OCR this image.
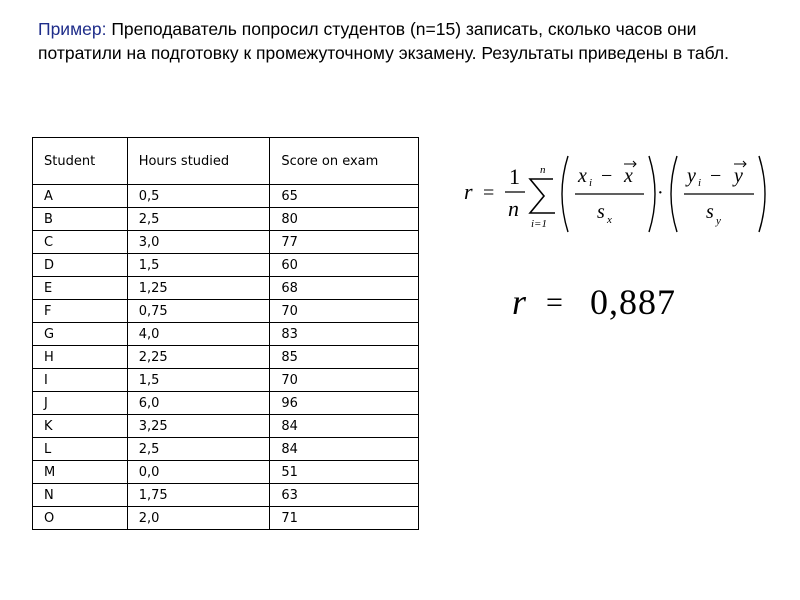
Пример: Преподаватель попросил студентов (n=15) записать, сколько часов они потратили на подготовку к промежуточному экзамену. Результаты приведены в табл.
Student	Hours studied	Score on exam
A	0,5	65
B	2,5	80
C	3,0	77
D	1,5	60
E	1,25	68
F	0,75	70
G	4,0	83
H	2,25	85
I	1,5	70
J	6,0	96
K	3,25	84
L	2,5	84
M	0,0	51
N	1,75	63
O	2,0	71
r =
1
n
n
i=1
x i − x
s x
·
y i − y
s y
r = 0,887
